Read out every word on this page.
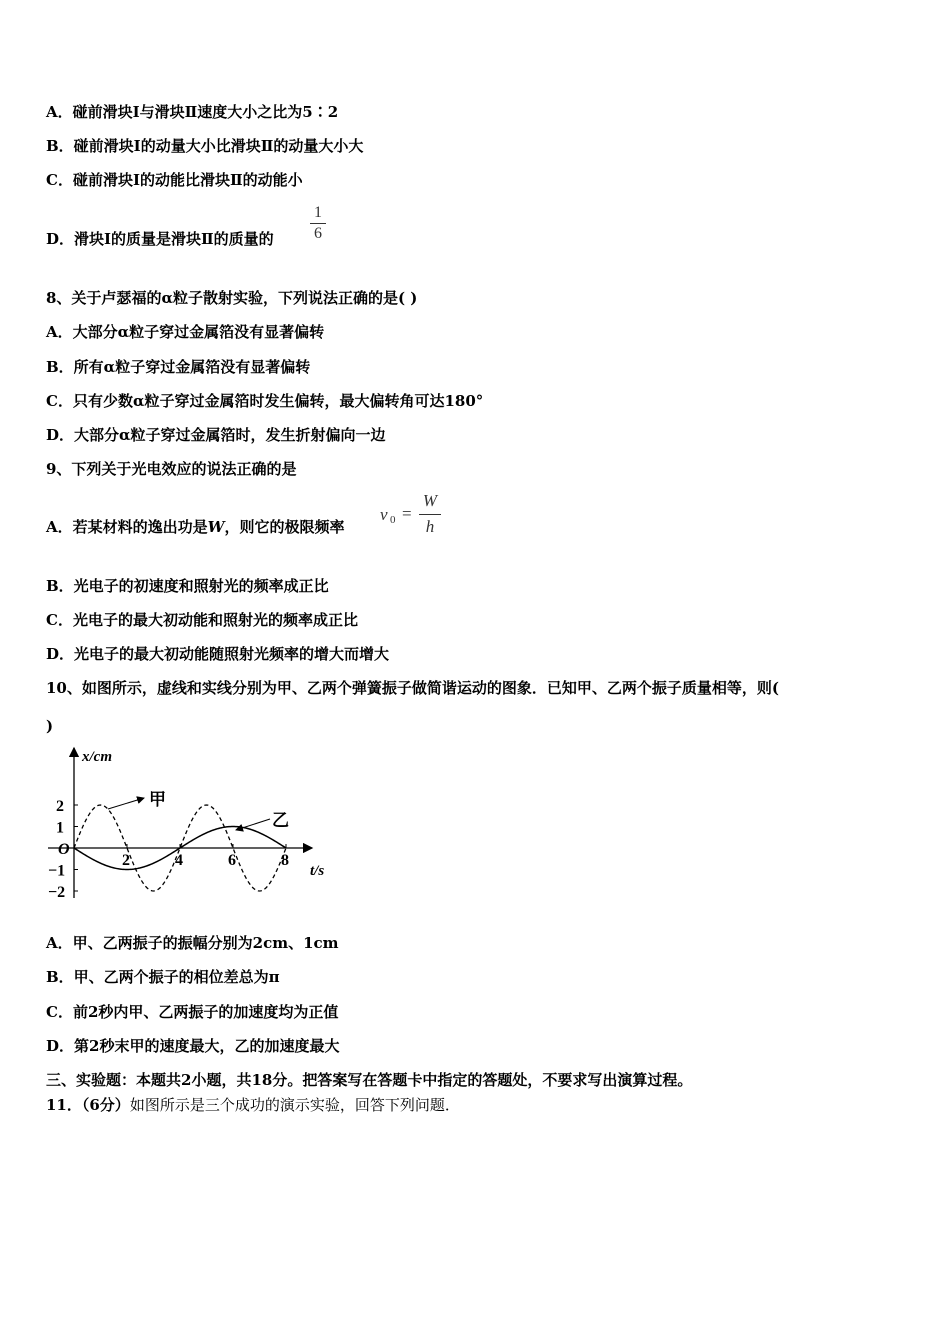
A．碰前滑块Ⅰ与滑块Ⅱ速度大小之比为5∶2
B．碰前滑块Ⅰ的动量大小比滑块Ⅱ的动量大小大
C．碰前滑块Ⅰ的动能比滑块Ⅱ的动能小
D．滑块Ⅰ的质量是滑块Ⅱ的质量的
1
6
8、关于卢瑟福的α粒子散射实验，下列说法正确的是( )
A．大部分α粒子穿过金属箔没有显著偏转
B．所有α粒子穿过金属箔没有显著偏转
C．只有少数α粒子穿过金属箔时发生偏转，最大偏转角可达180°
D．大部分α粒子穿过金属箔时，发生折射偏向一边
9、下列关于光电效应的说法正确的是
A．若某材料的逸出功是W，则它的极限频率
v 0 =
W
h
B．光电子的初速度和照射光的频率成正比
C．光电子的最大初动能和照射光的频率成正比
D．光电子的最大初动能随照射光频率的增大而增大
10、如图所示，虚线和实线分别为甲、乙两个弹簧振子做简谐运动的图象．已知甲、乙两个振子质量相等，则(
)
x/cm
t/s
O
2	4	6	8
2
1
−1
−2
甲
乙
A．甲、乙两振子的振幅分别为2cm、1cm
B．甲、乙两个振子的相位差总为π
C．前2秒内甲、乙两振子的加速度均为正值
D．第2秒末甲的速度最大，乙的加速度最大
三、实验题：本题共2小题，共18分。把答案写在答题卡中指定的答题处，不要求写出演算过程。
11．（6分）如图所示是三个成功的演示实验，回答下列问题．
